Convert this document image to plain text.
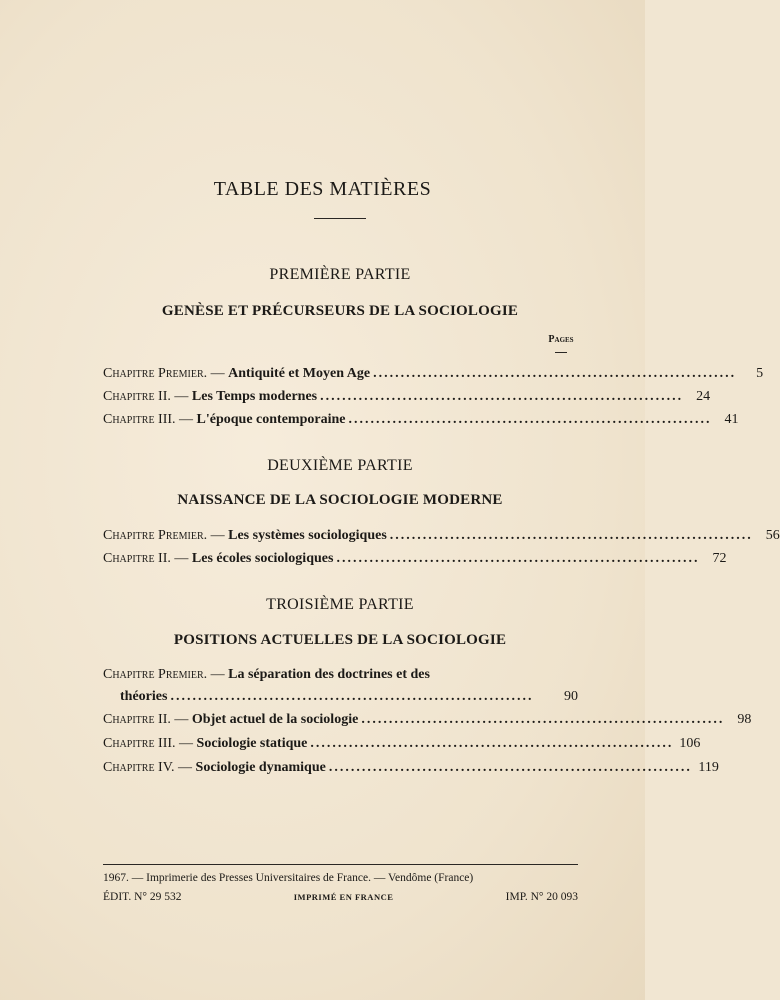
TABLE DES MATIÈRES
PREMIÈRE PARTIE
GENÈSE ET PRÉCURSEURS DE LA SOCIOLOGIE
Pages
Chapitre Premier. — Antiquité et Moyen Age ..................................................................	5
Chapitre II. — Les Temps modernes .................................................................. 24
Chapitre III. — L'époque contemporaine .................................................................. 41
DEUXIÈME PARTIE
NAISSANCE DE LA SOCIOLOGIE MODERNE
Chapitre Premier. — Les systèmes sociologiques .................................................................. 56
Chapitre II. — Les écoles sociologiques .................................................................. 72
TROISIÈME PARTIE
POSITIONS ACTUELLES DE LA SOCIOLOGIE
Chapitre Premier. — La séparation des doctrines et des
théories ..................................................................	90
Chapitre II. — Objet actuel de la sociologie .................................................................. 98
Chapitre III. — Sociologie statique .................................................................. 106
Chapitre IV. — Sociologie dynamique .................................................................. 119
1967. — Imprimerie des Presses Universitaires de France. — Vendôme (France)
ÉDIT. N° 29 532	IMPRIMÉ EN FRANCE	IMP. N° 20 093
